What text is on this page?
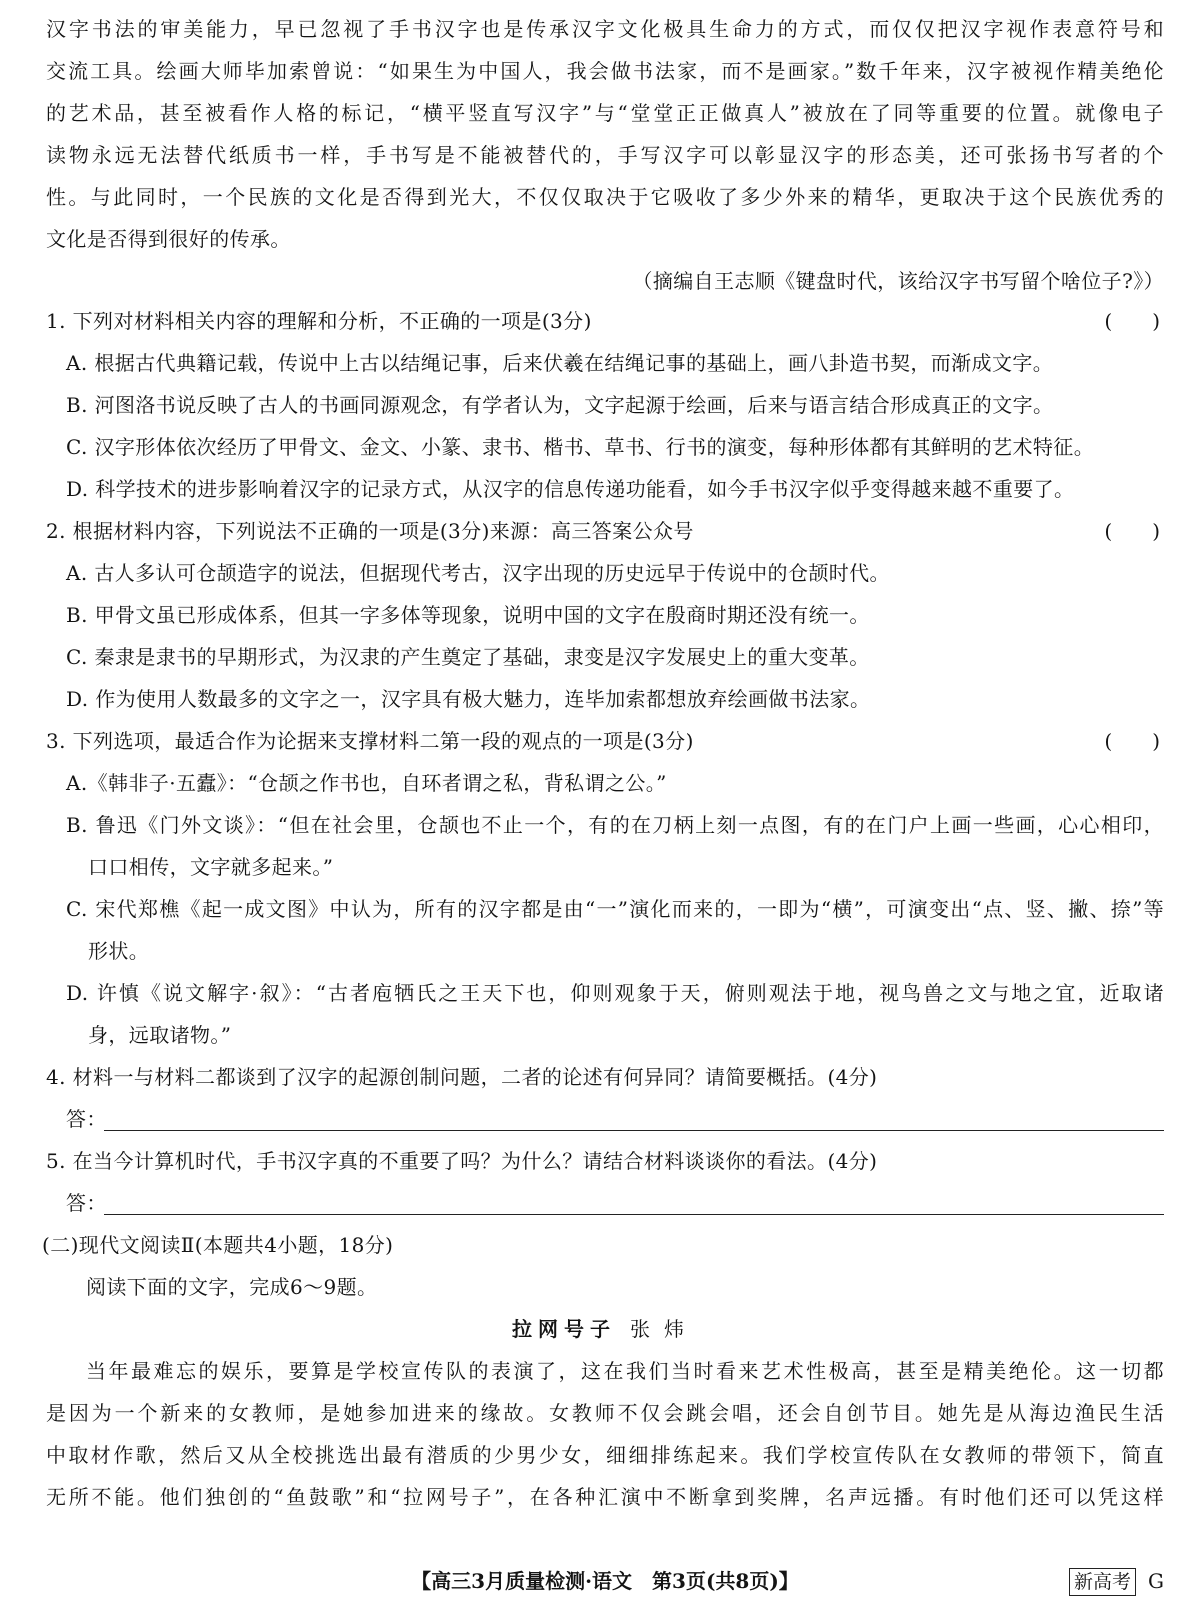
汉字书法的审美能力，早已忽视了手书汉字也是传承汉字文化极具生命力的方式，而仅仅把汉字视作表意符号和
交流工具。绘画大师毕加索曾说：“如果生为中国人，我会做书法家，而不是画家。”数千年来，汉字被视作精美绝伦
的艺术品，甚至被看作人格的标记，“横平竖直写汉字”与“堂堂正正做真人”被放在了同等重要的位置。就像电子
读物永远无法替代纸质书一样，手书写是不能被替代的，手写汉字可以彰显汉字的形态美，还可张扬书写者的个
性。与此同时，一个民族的文化是否得到光大，不仅仅取决于它吸收了多少外来的精华，更取决于这个民族优秀的
文化是否得到很好的传承。
（摘编自王志顺《键盘时代，该给汉字书写留个啥位子?》）
1. 下列对材料相关内容的理解和分析，不正确的一项是(3分)	(　　)
A. 根据古代典籍记载，传说中上古以结绳记事，后来伏羲在结绳记事的基础上，画八卦造书契，而渐成文字。
B. 河图洛书说反映了古人的书画同源观念，有学者认为，文字起源于绘画，后来与语言结合形成真正的文字。
C. 汉字形体依次经历了甲骨文、金文、小篆、隶书、楷书、草书、行书的演变，每种形体都有其鲜明的艺术特征。
D. 科学技术的进步影响着汉字的记录方式，从汉字的信息传递功能看，如今手书汉字似乎变得越来越不重要了。
2. 根据材料内容，下列说法不正确的一项是(3分)来源：高三答案公众号	(　　)
A. 古人多认可仓颉造字的说法，但据现代考古，汉字出现的历史远早于传说中的仓颉时代。
B. 甲骨文虽已形成体系，但其一字多体等现象，说明中国的文字在殷商时期还没有统一。
C. 秦隶是隶书的早期形式，为汉隶的产生奠定了基础，隶变是汉字发展史上的重大变革。
D. 作为使用人数最多的文字之一，汉字具有极大魅力，连毕加索都想放弃绘画做书法家。
3. 下列选项，最适合作为论据来支撑材料二第一段的观点的一项是(3分)	(　　)
A.《韩非子·五蠹》：“仓颉之作书也，自环者谓之私，背私谓之公。”
B. 鲁迅《门外文谈》：“但在社会里，仓颉也不止一个，有的在刀柄上刻一点图，有的在门户上画一些画，心心相印，
口口相传，文字就多起来。”
C. 宋代郑樵《起一成文图》中认为，所有的汉字都是由“一”演化而来的，一即为“横”，可演变出“点、竖、撇、捺”等
形状。
D. 许慎《说文解字·叙》：“古者庖牺氏之王天下也，仰则观象于天，俯则观法于地，视鸟兽之文与地之宜，近取诸
身，远取诸物。”
4. 材料一与材料二都谈到了汉字的起源创制问题，二者的论述有何异同？请简要概括。(4分)
答：
5. 在当今计算机时代，手书汉字真的不重要了吗？为什么？请结合材料谈谈你的看法。(4分)
答：
(二)现代文阅读Ⅱ(本题共4小题，18分)
阅读下面的文字，完成6～9题。
拉网号子 张炜
当年最难忘的娱乐，要算是学校宣传队的表演了，这在我们当时看来艺术性极高，甚至是精美绝伦。这一切都
是因为一个新来的女教师，是她参加进来的缘故。女教师不仅会跳会唱，还会自创节目。她先是从海边渔民生活
中取材作歌，然后又从全校挑选出最有潜质的少男少女，细细排练起来。我们学校宣传队在女教师的带领下，简直
无所不能。他们独创的“鱼鼓歌”和“拉网号子”，在各种汇演中不断拿到奖牌，名声远播。有时他们还可以凭这样
【高三3月质量检测·语文　第3页(共8页)】	新高考 G
